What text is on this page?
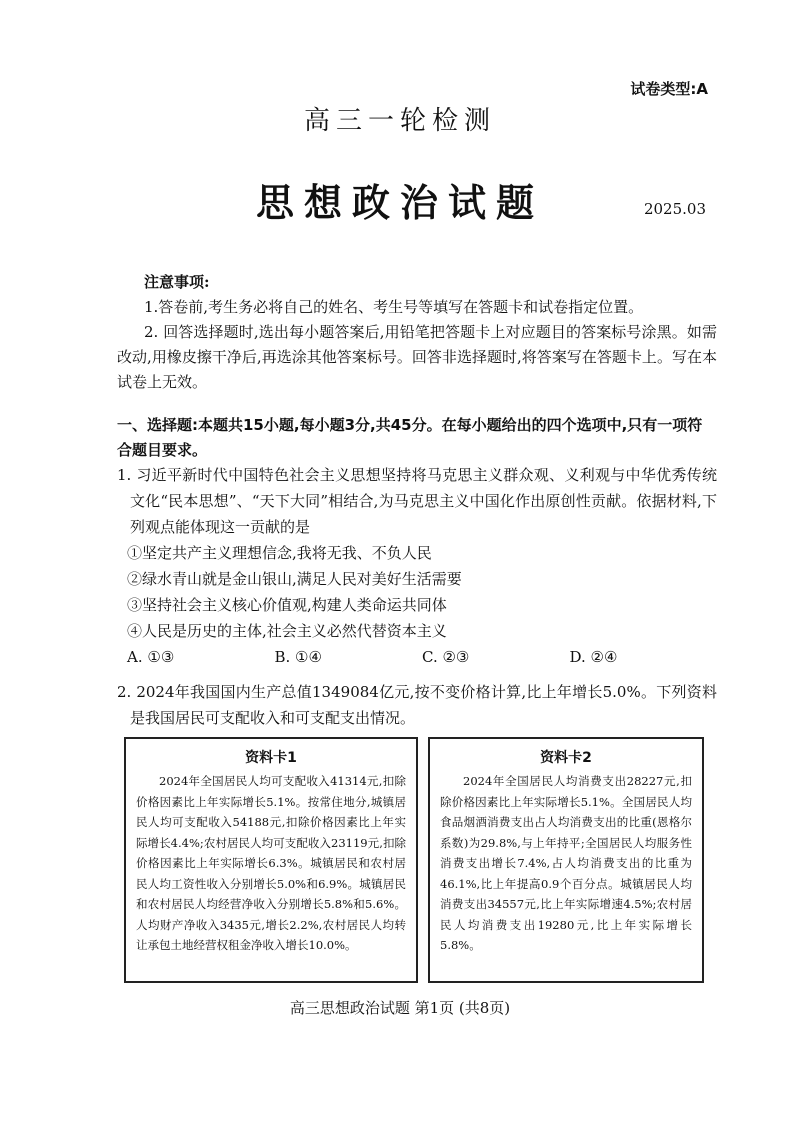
试卷类型:A
高三一轮检测
思想政治试题	2025.03
注意事项:
1.答卷前,考生务必将自己的姓名、考生号等填写在答题卡和试卷指定位置。
2. 回答选择题时,选出每小题答案后,用铅笔把答题卡上对应题目的答案标号涂黑。如需改动,用橡皮擦干净后,再选涂其他答案标号。回答非选择题时,将答案写在答题卡上。写在本试卷上无效。
一、选择题:本题共15小题,每小题3分,共45分。在每小题给出的四个选项中,只有一项符合题目要求。
1. 习近平新时代中国特色社会主义思想坚持将马克思主义群众观、义利观与中华优秀传统文化“民本思想”、“天下大同”相结合,为马克思主义中国化作出原创性贡献。依据材料,下列观点能体现这一贡献的是
①坚定共产主义理想信念,我将无我、不负人民
②绿水青山就是金山银山,满足人民对美好生活需要
③坚持社会主义核心价值观,构建人类命运共同体
④人民是历史的主体,社会主义必然代替资本主义
A. ①③	B. ①④	C. ②③	D. ②④
2. 2024年我国国内生产总值1349084亿元,按不变价格计算,比上年增长5.0%。下列资料是我国居民可支配收入和可支配支出情况。
资料卡1
2024年全国居民人均可支配收入41314元,扣除价格因素比上年实际增长5.1%。按常住地分,城镇居民人均可支配收入54188元,扣除价格因素比上年实际增长4.4%;农村居民人均可支配收入23119元,扣除价格因素比上年实际增长6.3%。城镇居民和农村居民人均工资性收入分别增长5.0%和6.9%。城镇居民和农村居民人均经营净收入分别增长5.8%和5.6%。人均财产净收入3435元,增长2.2%,农村居民人均转让承包土地经营权租金净收入增长10.0%。
资料卡2
2024年全国居民人均消费支出28227元,扣除价格因素比上年实际增长5.1%。全国居民人均食品烟酒消费支出占人均消费支出的比重(恩格尔系数)为29.8%,与上年持平;全国居民人均服务性消费支出增长7.4%,占人均消费支出的比重为46.1%,比上年提高0.9个百分点。城镇居民人均消费支出34557元,比上年实际增速4.5%;农村居民人均消费支出19280元,比上年实际增长5.8%。
高三思想政治试题 第1页 (共8页)
